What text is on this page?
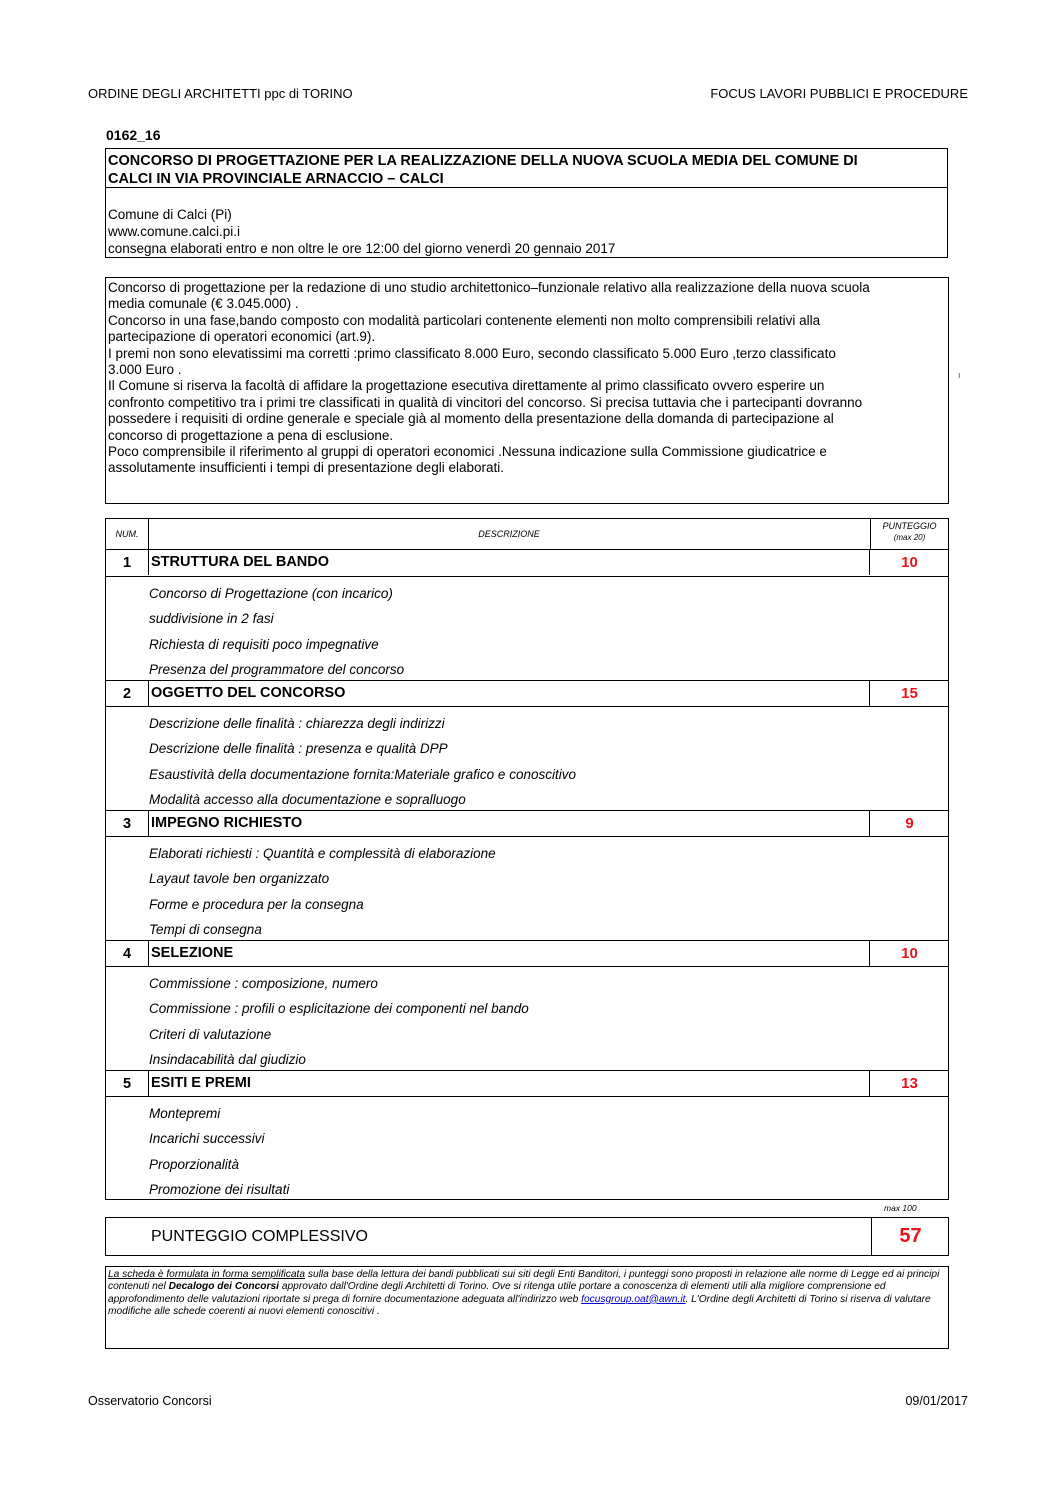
ORDINE DEGLI ARCHITETTI ppc di TORINO	FOCUS LAVORI PUBBLICI E PROCEDURE
0162_16
CONCORSO DI PROGETTAZIONE PER LA REALIZZAZIONE DELLA NUOVA SCUOLA MEDIA DEL COMUNE DI
CALCI IN VIA PROVINCIALE ARNACCIO – CALCI
Comune di Calci (Pi)
www.comune.calci.pi.i
consegna elaborati entro e non oltre le ore 12:00 del giorno venerdì 20 gennaio 2017
Concorso di progettazione per la redazione di uno studio architettonico–funzionale relativo alla realizzazione della nuova scuola
media comunale (€ 3.045.000) .
Concorso in una fase,bando composto con modalità particolari contenente elementi non molto comprensibili relativi alla
partecipazione di operatori economici (art.9).
I premi non sono elevatissimi ma corretti :primo classificato 8.000 Euro, secondo classificato 5.000 Euro ,terzo classificato
3.000 Euro .
Il Comune si riserva la facoltà di affidare la progettazione esecutiva direttamente al primo classificato ovvero esperire un
confronto competitivo tra i primi tre classificati in qualità di vincitori del concorso. Si precisa tuttavia che i partecipanti dovranno
possedere i requisiti di ordine generale e speciale già al momento della presentazione della domanda di partecipazione al
concorso di progettazione a pena di esclusione.
Poco comprensibile il riferimento al gruppi di operatori economici .Nessuna indicazione sulla Commissione giudicatrice e
assolutamente insufficienti i tempi di presentazione degli elaborati.
ı
NUM.	DESCRIZIONE
PUNTEGGIO
(max 20)
1	STRUTTURA DEL BANDO	10
Concorso di Progettazione (con incarico)
suddivisione in 2 fasi
Richiesta di requisiti poco impegnative
Presenza del programmatore del concorso
2	OGGETTO DEL CONCORSO	15
Descrizione delle finalità : chiarezza degli indirizzi
Descrizione delle finalità : presenza e qualità DPP
Esaustività della documentazione fornita:Materiale grafico e conoscitivo
Modalità accesso alla documentazione e sopralluogo
3	IMPEGNO RICHIESTO	9
Elaborati richiesti : Quantità e complessità di elaborazione
Layaut tavole ben organizzato
Forme e procedura per la consegna
Tempi di consegna
4	SELEZIONE	10
Commissione : composizione, numero
Commissione : profili o esplicitazione dei componenti nel bando
Criteri di valutazione
Insindacabilità dal giudizio
5	ESITI E PREMI	13
Montepremi
Incarichi successivi
Proporzionalità
Promozione dei risultati
max 100
PUNTEGGIO COMPLESSIVO	57
La scheda è formulata in forma semplificata sulla base della lettura dei bandi pubblicati sui siti degli Enti Banditori, i punteggi sono proposti in relazione alle norme di Legge ed ai principi contenuti nel Decalogo dei Concorsi approvato dall'Ordine degli Architetti di Torino. Ove si ritenga utile portare a conoscenza di elementi utili alla migliore comprensione ed approfondimento delle valutazioni riportate si prega di fornire documentazione adeguata all'indirizzo web focusgroup.oat@awn.it. L'Ordine degli Architetti di Torino si riserva di valutare modifiche alle schede coerenti ai nuovi elementi conoscitivi .
Osservatorio Concorsi	09/01/2017
